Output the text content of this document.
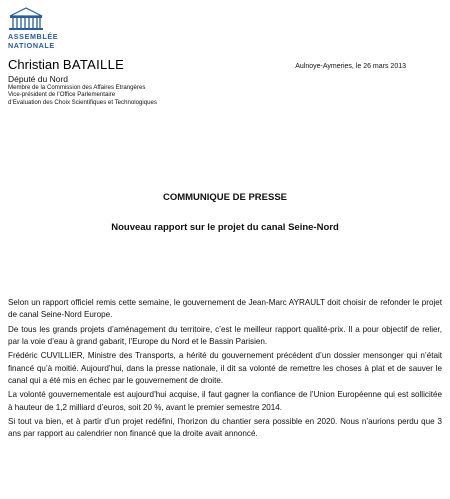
ASSEMBLÉE
NATIONALE
Christian BATAILLE
Député du Nord
Membre de la Commission des Affaires Etrangères
Vice-président de l’Office Parlementaire
d’Evaluation des Choix Scientifiques et Technologiques
Aulnoye-Aymeries, le 26 mars 2013
COMMUNIQUE DE PRESSE
Nouveau rapport sur le projet du canal Seine-Nord

Selon un rapport officiel remis cette semaine, le gouvernement de Jean-Marc AYRAULT doit choisir de refonder le projet de canal Seine-Nord Europe.

De tous les grands projets d’aménagement du territoire, c’est le meilleur rapport qualité-prix. Il a pour objectif de relier, par la voie d’eau à grand gabarit, l’Europe du Nord et le Bassin Parisien.

Frédéric CUVILLIER, Ministre des Transports, a hérité du gouvernement précédent d’un dossier mensonger qui n’était financé qu’à moitié. Aujourd’hui, dans la presse nationale, il dit sa volonté de remettre les choses à plat et de sauver le canal qui a été mis en échec par le gouvernement de droite.

La volonté gouvernementale est aujourd’hui acquise, il faut gagner la confiance de l’Union Européenne qui est sollicitée à hauteur de 1,2 milliard d’euros, soit 20 %, avant le premier semestre 2014.

Si tout va bien, et à partir d’un projet redéfini, l’horizon du chantier sera possible en 2020. Nous n’aurions perdu que 3 ans par rapport au calendrier non financé que la droite avait annoncé.
